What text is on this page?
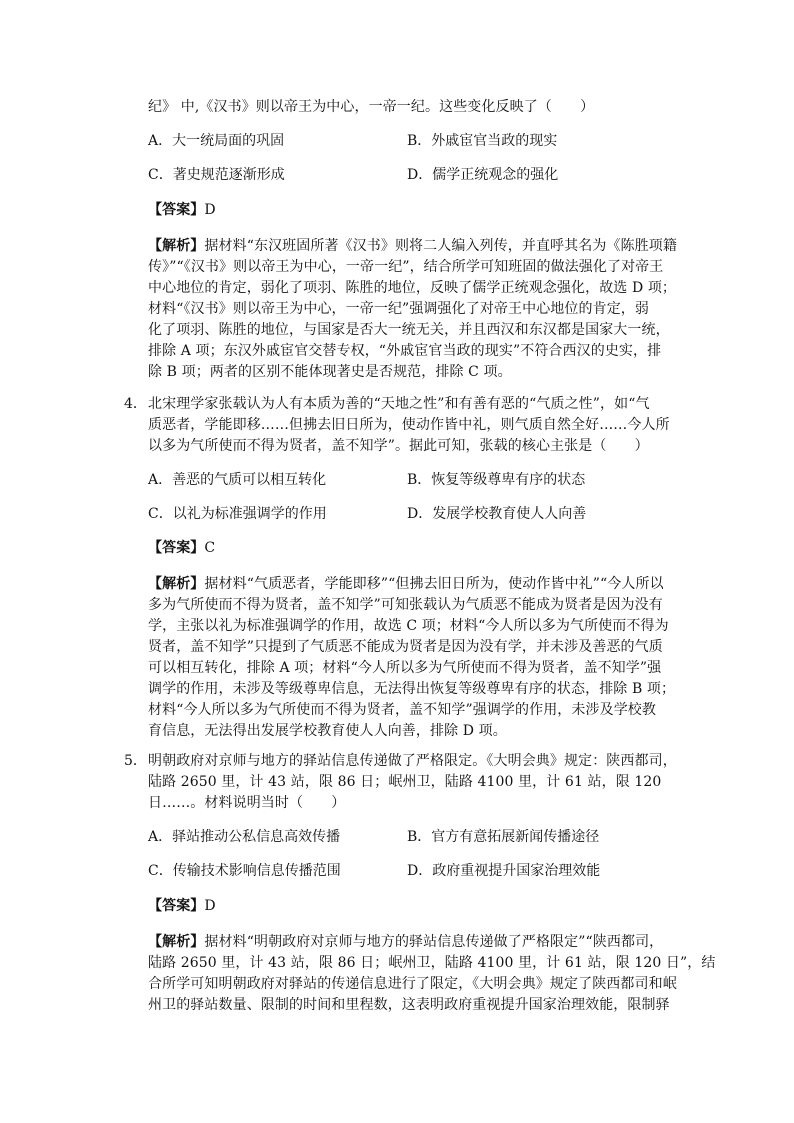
纪》 中,《汉书》则以帝王为中心，一帝一纪。这些变化反映了（　　）
A．大一统局面的巩固	B．外戚宦官当政的现实
C．著史规范逐渐形成	D．儒学正统观念的强化
【答案】D
【解析】据材料“东汉班固所著《汉书》则将二人编入列传，并直呼其名为《陈胜项籍
传》”“《汉书》则以帝王为中心，一帝一纪”，结合所学可知班固的做法强化了对帝王
中心地位的肯定，弱化了项羽、陈胜的地位，反映了儒学正统观念强化，故选 D 项；
材料“《汉书》则以帝王为中心，一帝一纪”强调强化了对帝王中心地位的肯定，弱
化了项羽、陈胜的地位，与国家是否大一统无关，并且西汉和东汉都是国家大一统，
排除 A 项；东汉外戚宦官交替专权，“外戚宦官当政的现实”不符合西汉的史实，排
除 B 项；两者的区别不能体现著史是否规范，排除 C 项。
4． 北宋理学家张载认为人有本质为善的“天地之性”和有善有恶的“气质之性”，如“气
质恶者，学能即移……但拂去旧日所为，使动作皆中礼，则气质自然全好……今人所
以多为气所使而不得为贤者，盖不知学”。据此可知，张载的核心主张是（　　）
A．善恶的气质可以相互转化	B．恢复等级尊卑有序的状态
C．以礼为标准强调学的作用	D．发展学校教育使人人向善
【答案】C
【解析】据材料“气质恶者，学能即移”“但拂去旧日所为，使动作皆中礼”“今人所以
多为气所使而不得为贤者，盖不知学”可知张载认为气质恶不能成为贤者是因为没有
学，主张以礼为标准强调学的作用，故选 C 项；材料“今人所以多为气所使而不得为
贤者，盖不知学”只提到了气质恶不能成为贤者是因为没有学，并未涉及善恶的气质
可以相互转化，排除 A 项；材料“今人所以多为气所使而不得为贤者，盖不知学”强
调学的作用，未涉及等级尊卑信息，无法得出恢复等级尊卑有序的状态，排除 B 项；
材料“今人所以多为气所使而不得为贤者，盖不知学”强调学的作用，未涉及学校教
育信息，无法得出发展学校教育使人人向善，排除 D 项。
5． 明朝政府对京师与地方的驿站信息传递做了严格限定。《大明会典》规定：陕西都司，
陆路 2650 里，计 43 站，限 86 日；岷州卫，陆路 4100 里，计 61 站，限 120
日……。材料说明当时（　　）
A．驿站推动公私信息高效传播	B．官方有意拓展新闻传播途径
C．传输技术影响信息传播范围	D．政府重视提升国家治理效能
【答案】D
【解析】据材料“明朝政府对京师与地方的驿站信息传递做了严格限定”“陕西都司，
陆路 2650 里，计 43 站，限 86 日；岷州卫，陆路 4100 里，计 61 站，限 120 日”，结
合所学可知明朝政府对驿站的传递信息进行了限定，《大明会典》规定了陕西都司和岷
州卫的驿站数量、限制的时间和里程数，这表明政府重视提升国家治理效能，限制驿
